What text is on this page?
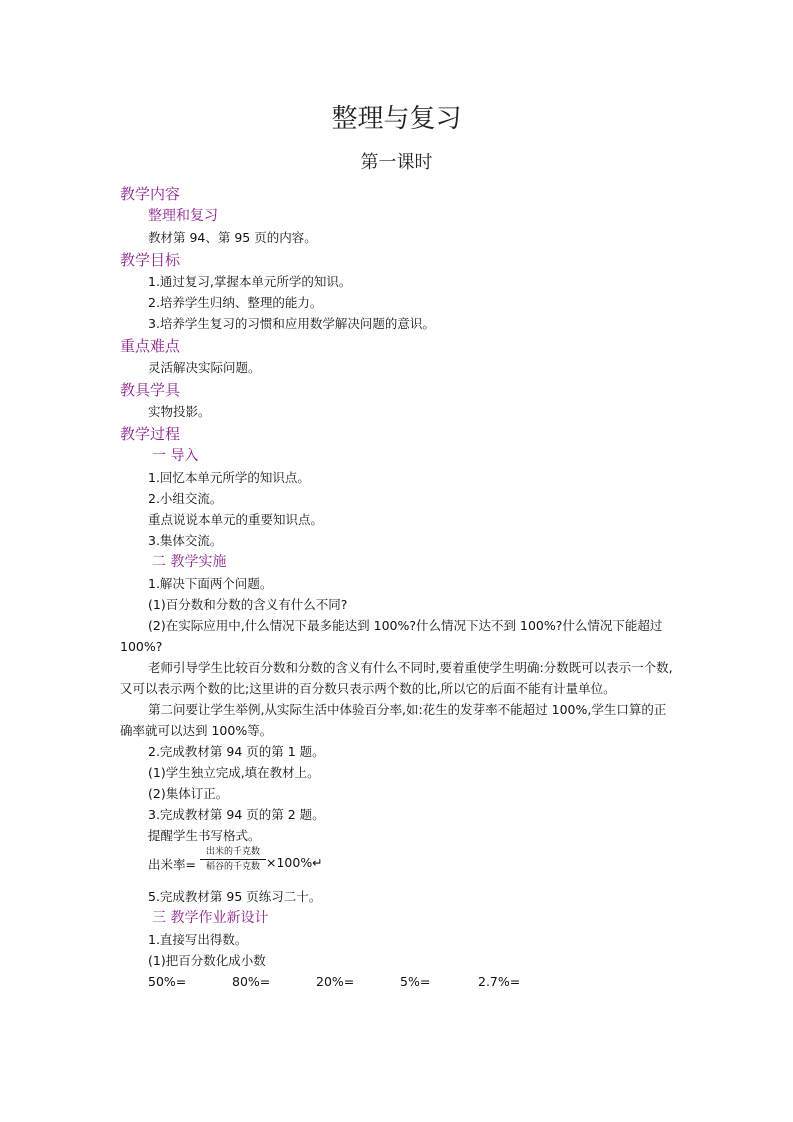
整理与复习
第一课时
教学内容
整理和复习
教材第 94、第 95 页的内容。
教学目标
1.通过复习,掌握本单元所学的知识。
2.培养学生归纳、整理的能力。
3.培养学生复习的习惯和应用数学解决问题的意识。
重点难点
灵活解决实际问题。
教具学具
实物投影。
教学过程
一 导入
1.回忆本单元所学的知识点。
2.小组交流。
重点说说本单元的重要知识点。
3.集体交流。
二 教学实施
1.解决下面两个问题。
(1)百分数和分数的含义有什么不同?

(2)在实际应用中,什么情况下最多能达到 100%?什么情况下达不到 100%?什么情况下能超过 100%?

老师引导学生比较百分数和分数的含义有什么不同时,要着重使学生明确:分数既可以表示一个数,又可以表示两个数的比;这里讲的百分数只表示两个数的比,所以它的后面不能有计量单位。

第二问要让学生举例,从实际生活中体验百分率,如:花生的发芽率不能超过 100%,学生口算的正确率就可以达到 100%等。

2.完成教材第 94 页的第 1 题。
(1)学生独立完成,填在教材上。
(2)集体订正。
3.完成教材第 94 页的第 2 题。
提醒学生书写格式。
出米率=
出米的千克数
稻谷的千克数 ×100%↵
5.完成教材第 95 页练习二十。
三 教学作业新设计
1.直接写出得数。
(1)把百分数化成小数
50%=	80%=	20%=	5%=	2.7%=
